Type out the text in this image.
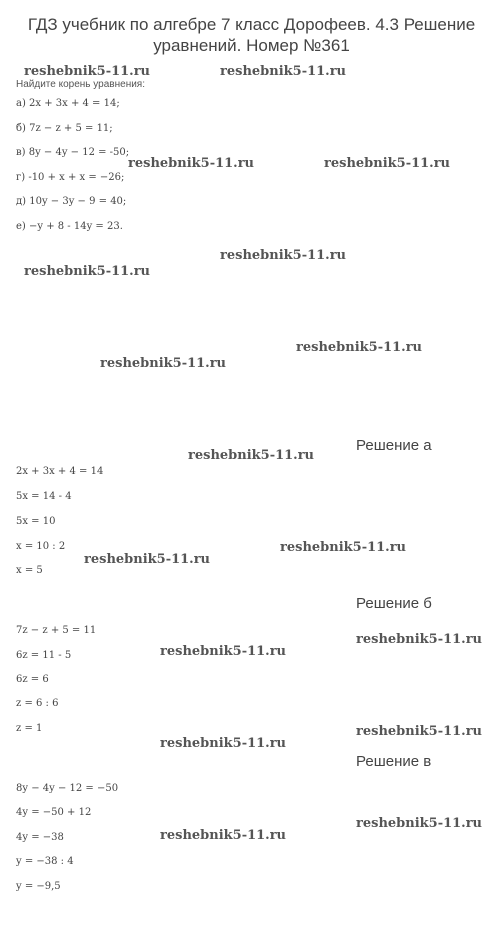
ГДЗ учебник по алгебре 7 класс Дорофеев. 4.3 Решение
уравнений. Номер №361
reshebnik5-11.ru	reshebnik5-11.ru
reshebnik5-11.ru	reshebnik5-11.ru
reshebnik5-11.ru
reshebnik5-11.ru
reshebnik5-11.ru
reshebnik5-11.ru
reshebnik5-11.ru
reshebnik5-11.ru
reshebnik5-11.ru
reshebnik5-11.ru
reshebnik5-11.ru
reshebnik5-11.ru
reshebnik5-11.ru
reshebnik5-11.ru
reshebnik5-11.ru
Найдите корень уравнения:
а) 2x + 3x + 4 = 14;
б) 7z − z + 5 = 11;
в) 8y − 4y − 12 = -50;
г) -10 + x + x = −26;
д) 10y − 3y − 9 = 40;
е) −y + 8 - 14y = 23.
Решение а
2x + 3x + 4 = 14
5x = 14 - 4
5x = 10
x = 10 : 2
x = 5
Решение б
7z − z + 5 = 11
6z = 11 - 5
6z = 6
z = 6 : 6
z = 1
Решение в
8y − 4y − 12 = −50
4y = −50 + 12
4y = −38
y = −38 : 4
y = −9,5
